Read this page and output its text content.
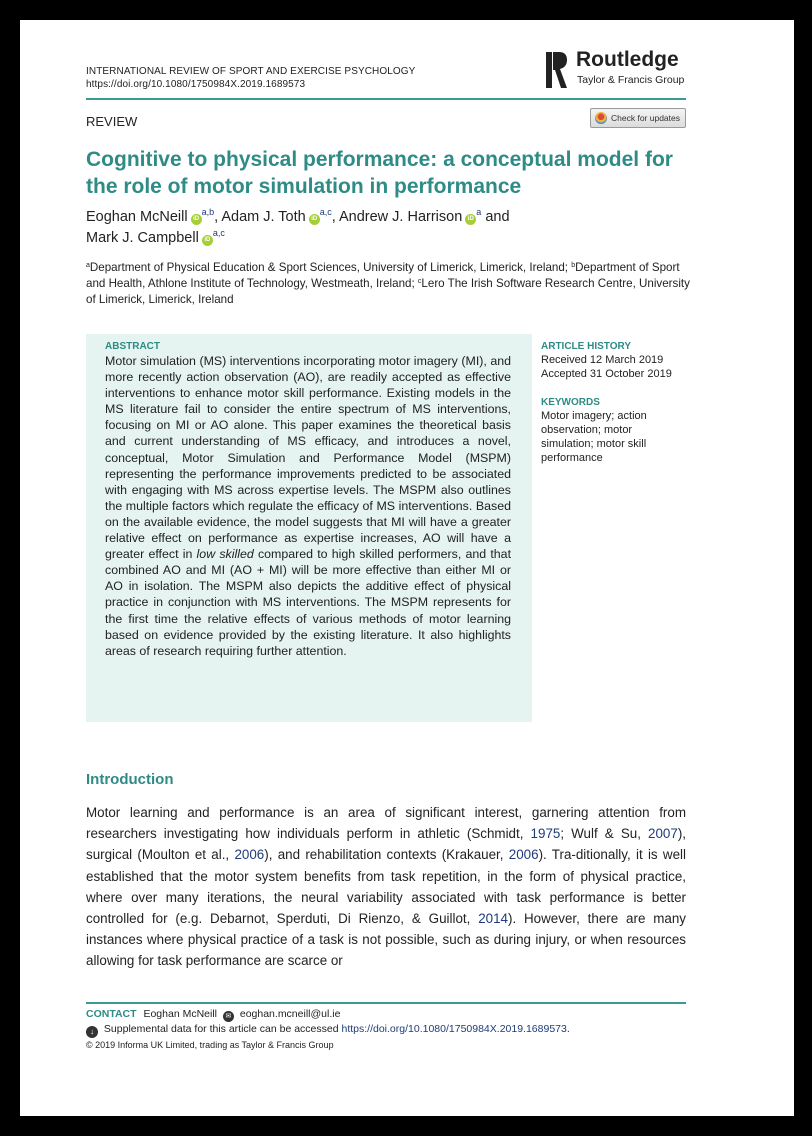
INTERNATIONAL REVIEW OF SPORT AND EXERCISE PSYCHOLOGY
https://doi.org/10.1080/1750984X.2019.1689573
Routledge
Taylor & Francis Group
REVIEW	Check for updates
Cognitive to physical performance: a conceptual model for the role of motor simulation in performance
Eoghan McNeill iD$^{a,b}$, Adam J. Toth iD$^{a,c}$, Andrew J. Harrison $iD^a$ and
Mark J. Campbell iD$^{a,c}$
$^a$Department of Physical Education & Sport Sciences, University of Limerick, Limerick, Ireland; $^b$Department of Sport and Health, Athlone Institute of Technology, Westmeath, Ireland; $^c$Lero The Irish Software Research Centre, University of Limerick, Limerick, Ireland
ABSTRACT
Motor simulation (MS) interventions incorporating motor imagery (MI), and more recently action observation (AO), are readily accepted as effective interventions to enhance motor skill performance. Existing models in the MS literature fail to consider the entire spectrum of MS interventions, focusing on MI or AO alone. This paper examines the theoretical basis and current understanding of MS efficacy, and introduces a novel, conceptual, Motor Simulation and Performance Model (MSPM) representing the performance improvements predicted to be associated with engaging with MS across expertise levels. The MSPM also outlines the multiple factors which regulate the efficacy of MS interventions. Based on the available evidence, the model suggests that MI will have a greater relative effect on performance as expertise increases, AO will have a greater effect in low skilled compared to high skilled performers, and that combined AO and MI (AO + MI) will be more effective than either MI or AO in isolation. The MSPM also depicts the additive effect of physical practice in conjunction with MS interventions. The MSPM represents for the first time the relative effects of various methods of motor learning based on evidence provided by the existing literature. It also highlights areas of research requiring further attention.
ARTICLE HISTORY
Received 12 March 2019
Accepted 31 October 2019
KEYWORDS
Motor imagery; action observation; motor simulation; motor skill performance
Introduction
Motor learning and performance is an area of significant interest, garnering attention from researchers investigating how individuals perform in athletic (Schmidt, 1975; Wulf & Su, 2007), surgical (Moulton et al., 2006), and rehabilitation contexts (Krakauer, 2006). Tra-ditionally, it is well established that the motor system benefits from task repetition, in the form of physical practice, where over many iterations, the neural variability associated with task performance is better controlled for (e.g. Debarnot, Sperduti, Di Rienzo, & Guillot, 2014). However, there are many instances where physical practice of a task is not possible, such as during injury, or when resources allowing for task performance are scarce or
CONTACT Eoghan McNeill ✉ eoghan.mcneill@ul.ie
↓ Supplemental data for this article can be accessed https://doi.org/10.1080/1750984X.2019.1689573.
© 2019 Informa UK Limited, trading as Taylor & Francis Group
